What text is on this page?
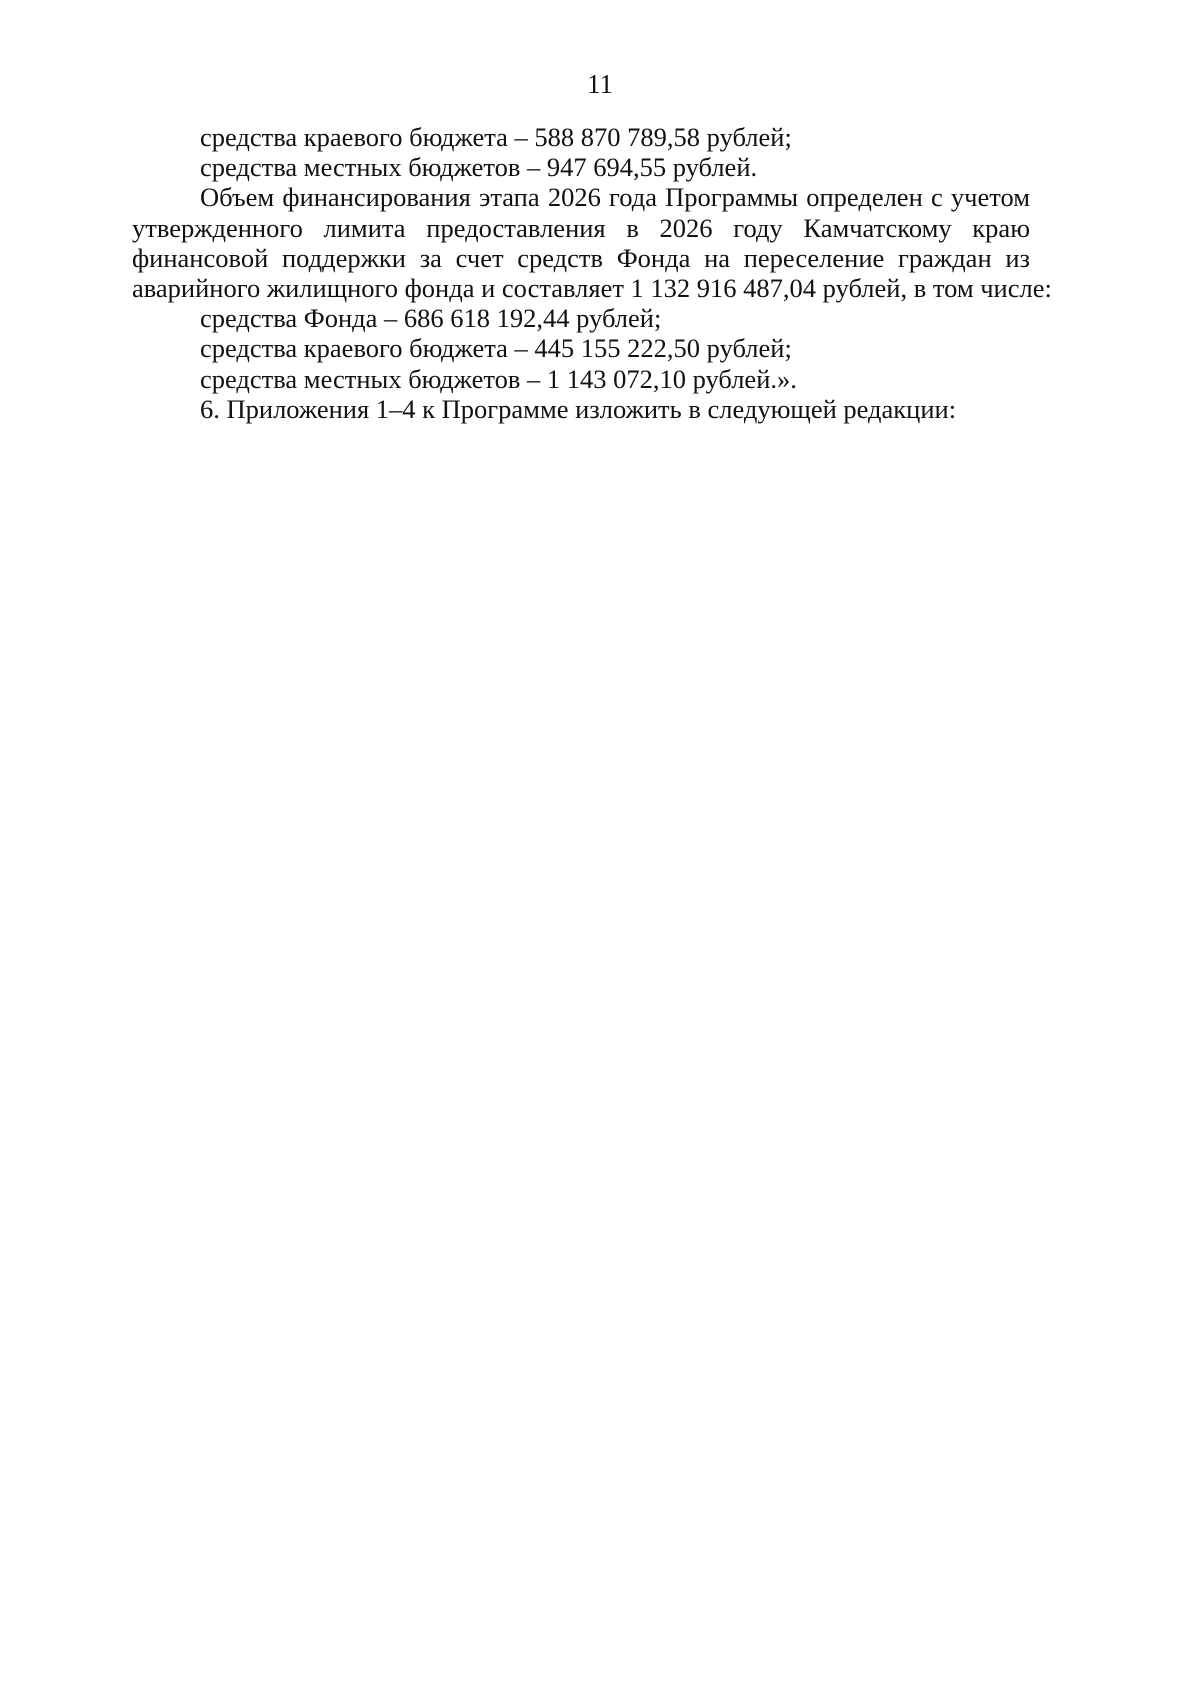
11
средства краевого бюджета – 588 870 789,58 рублей;
средства местных бюджетов – 947 694,55 рублей.
Объем финансирования этапа 2026 года Программы определен с учетом
утвержденного лимита предоставления в 2026 году Камчатскому краю
финансовой поддержки за счет средств Фонда на переселение граждан из
аварийного жилищного фонда и составляет 1 132 916 487,04 рублей, в том числе:
средства Фонда – 686 618 192,44 рублей;
средства краевого бюджета – 445 155 222,50 рублей;
средства местных бюджетов – 1 143 072,10 рублей.».
6. Приложения 1–4 к Программе изложить в следующей редакции:
